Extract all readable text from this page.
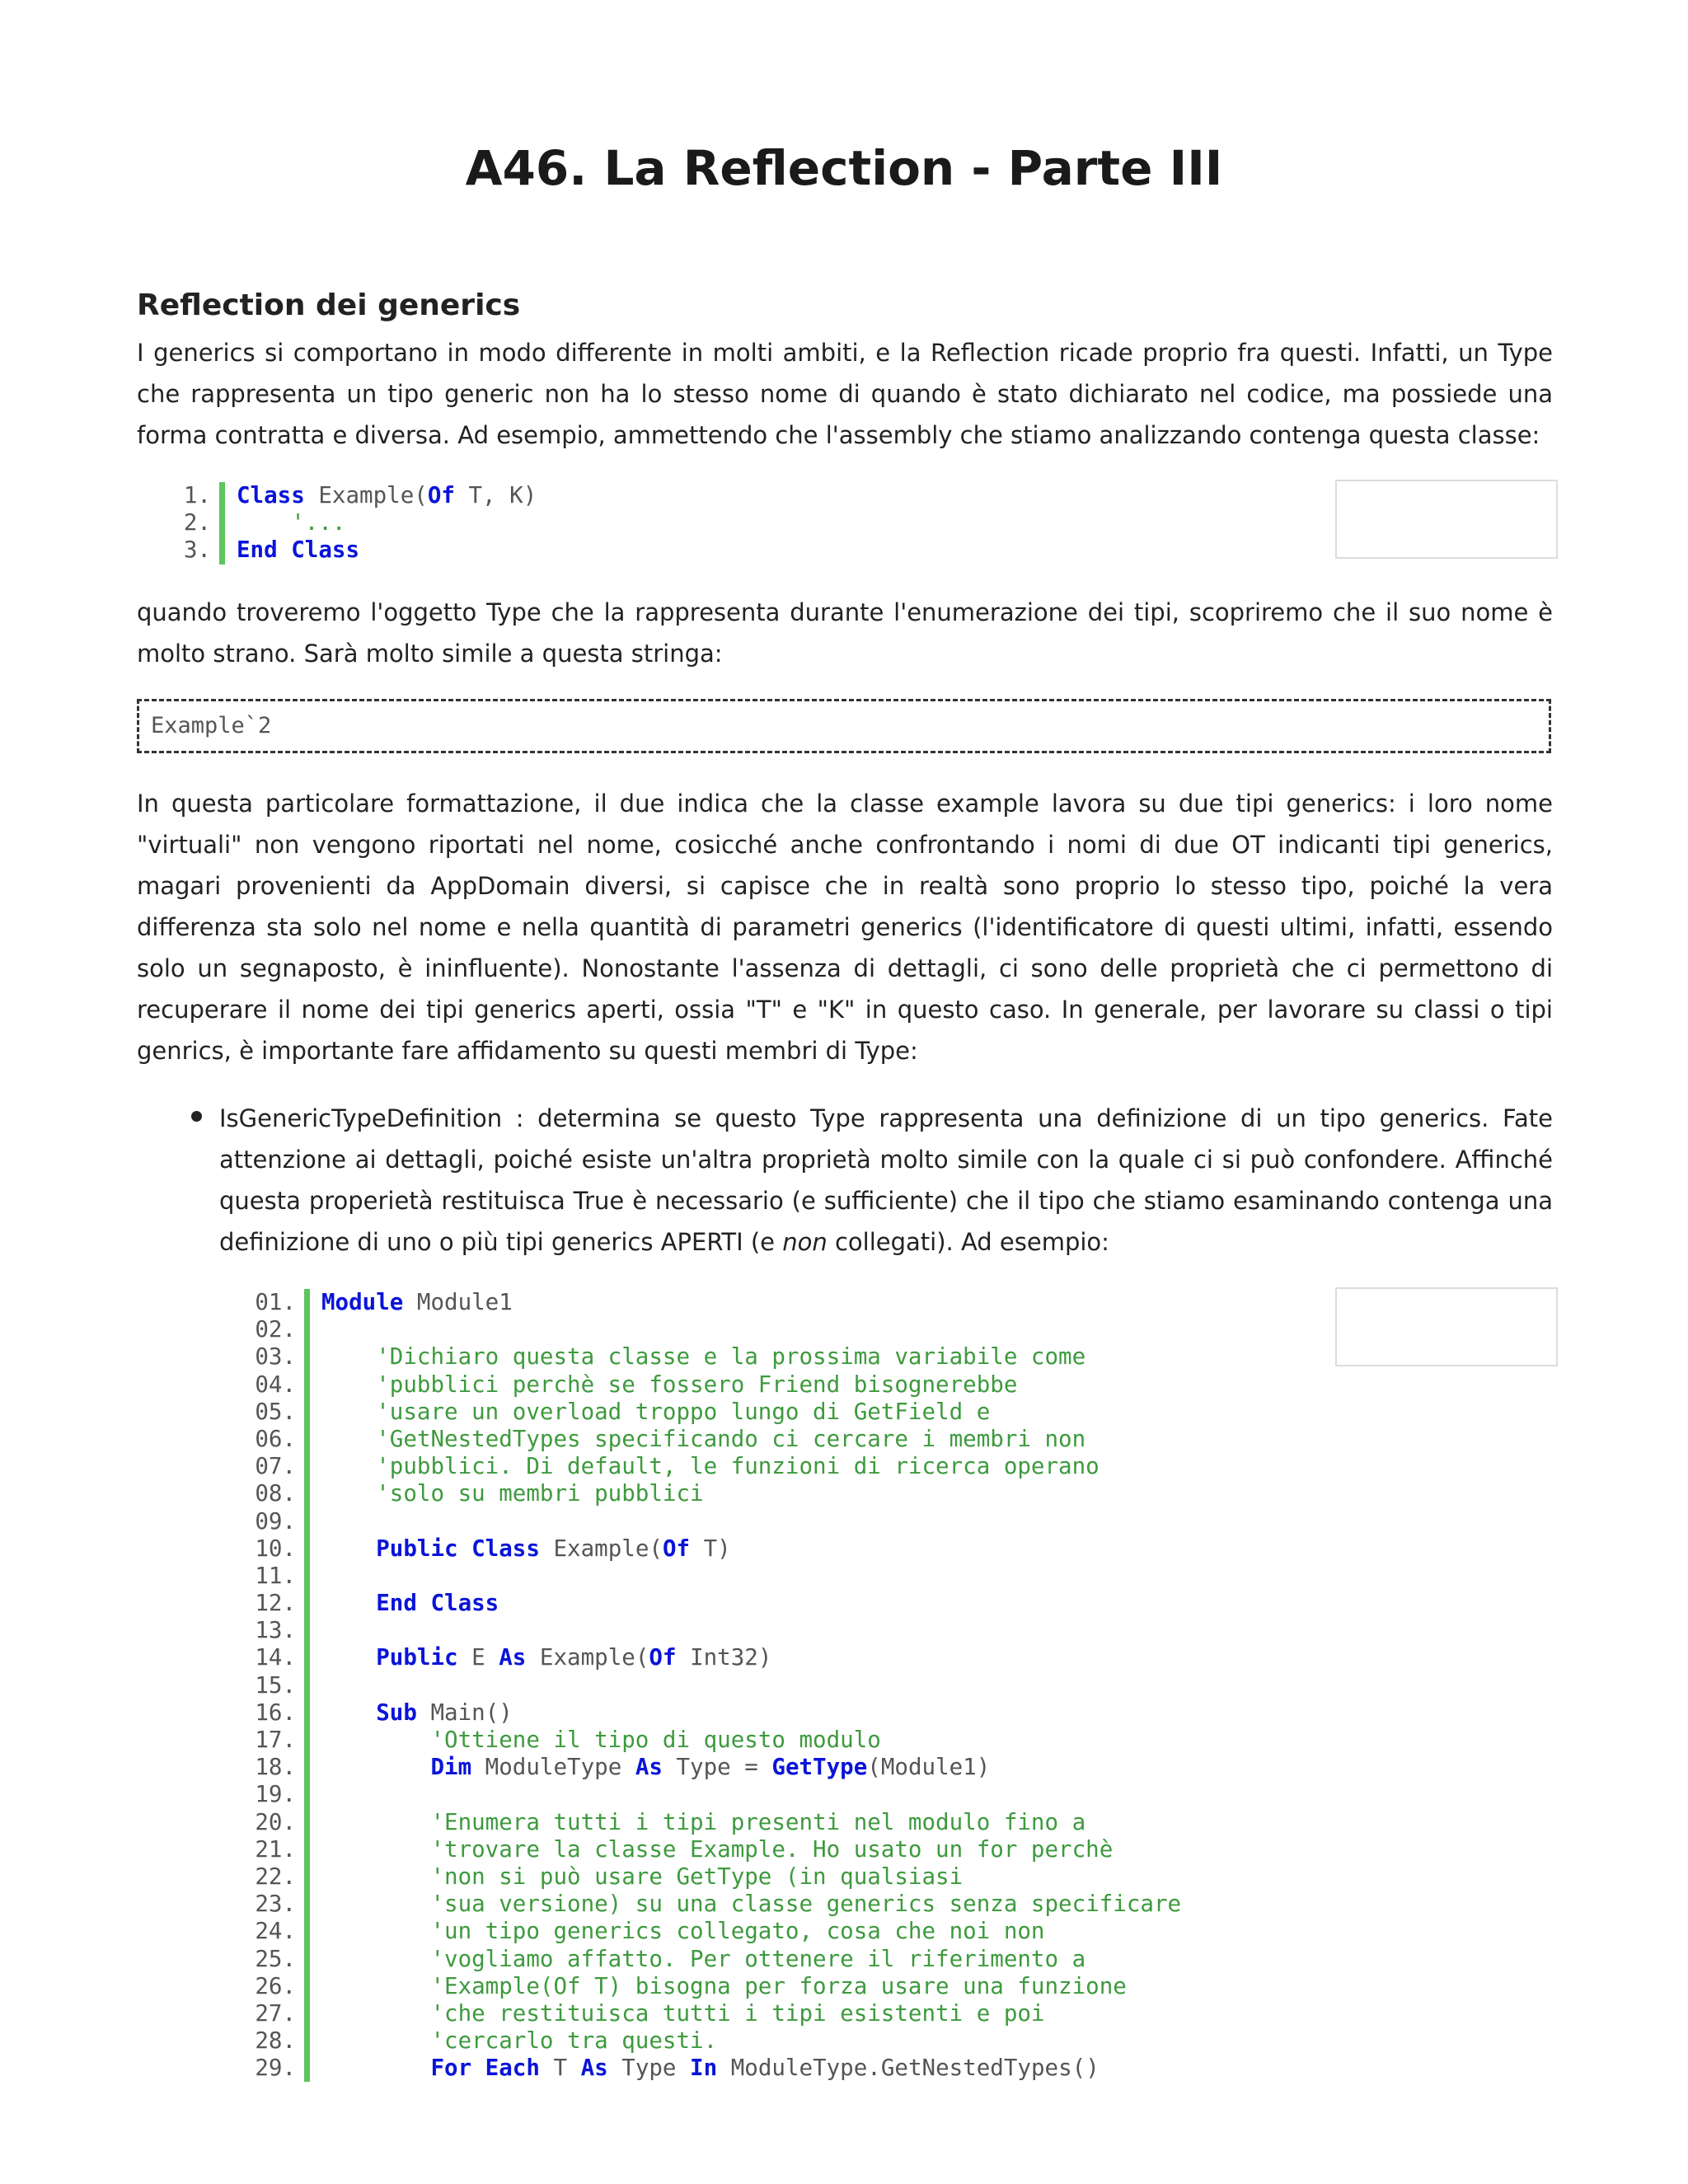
A46. La Reflection - Parte III
Reflection dei generics

I generics si comportano in modo differente in molti ambiti, e la Reflection ricade proprio fra questi. Infatti, un Type che rappresenta un tipo generic non ha lo stesso nome di quando è stato dichiarato nel codice, ma possiede una forma contratta e diversa. Ad esempio, ammettendo che l'assembly che stiamo analizzando contenga questa classe:

1.	Class Example(Of T, K)
2.	'...
3.	End Class

quando troveremo l'oggetto Type che la rappresenta durante l'enumerazione dei tipi, scopriremo che il suo nome è molto strano. Sarà molto simile a questa stringa:

Example`2

In questa particolare formattazione, il due indica che la classe example lavora su due tipi generics: i loro nome "virtuali" non vengono riportati nel nome, cosicché anche confrontando i nomi di due OT indicanti tipi generics, magari provenienti da AppDomain diversi, si capisce che in realtà sono proprio lo stesso tipo, poiché la vera differenza sta solo nel nome e nella quantità di parametri generics (l'identificatore di questi ultimi, infatti, essendo solo un segnaposto, è ininfluente). Nonostante l'assenza di dettagli, ci sono delle proprietà che ci permettono di recuperare il nome dei tipi generics aperti, ossia "T" e "K" in questo caso. In generale, per lavorare su classi o tipi genrics, è importante fare affidamento su questi membri di Type:

IsGenericTypeDefinition : determina se questo Type rappresenta una definizione di un tipo generics. Fate attenzione ai dettagli, poiché esiste un'altra proprietà molto simile con la quale ci si può confondere. Affinché questa properietà restituisca True è necessario (e sufficiente) che il tipo che stiamo esaminando contenga una definizione di uno o più tipi generics APERTI (e non collegati). Ad esempio:

01.	Module Module1
02.
03.	'Dichiaro questa classe e la prossima variabile come
04.	'pubblici perchè se fossero Friend bisognerebbe
05.	'usare un overload troppo lungo di GetField e
06.	'GetNestedTypes specificando ci cercare i membri non
07.	'pubblici. Di default, le funzioni di ricerca operano
08.	'solo su membri pubblici
09.
10.	Public Class Example(Of T)
11.
12.	End Class
13.
14.	Public E As Example(Of Int32)
15.
16.	Sub Main()
17.	'Ottiene il tipo di questo modulo
18.	Dim ModuleType As Type = GetType(Module1)
19.
20.	'Enumera tutti i tipi presenti nel modulo fino a
21.	'trovare la classe Example. Ho usato un for perchè
22.	'non si può usare GetType (in qualsiasi
23.	'sua versione) su una classe generics senza specificare
24.	'un tipo generics collegato, cosa che noi non
25.	'vogliamo affatto. Per ottenere il riferimento a
26.	'Example(Of T) bisogna per forza usare una funzione
27.	'che restituisca tutti i tipi esistenti e poi
28.	'cercarlo tra questi.
29.	For Each T As Type In ModuleType.GetNestedTypes()
